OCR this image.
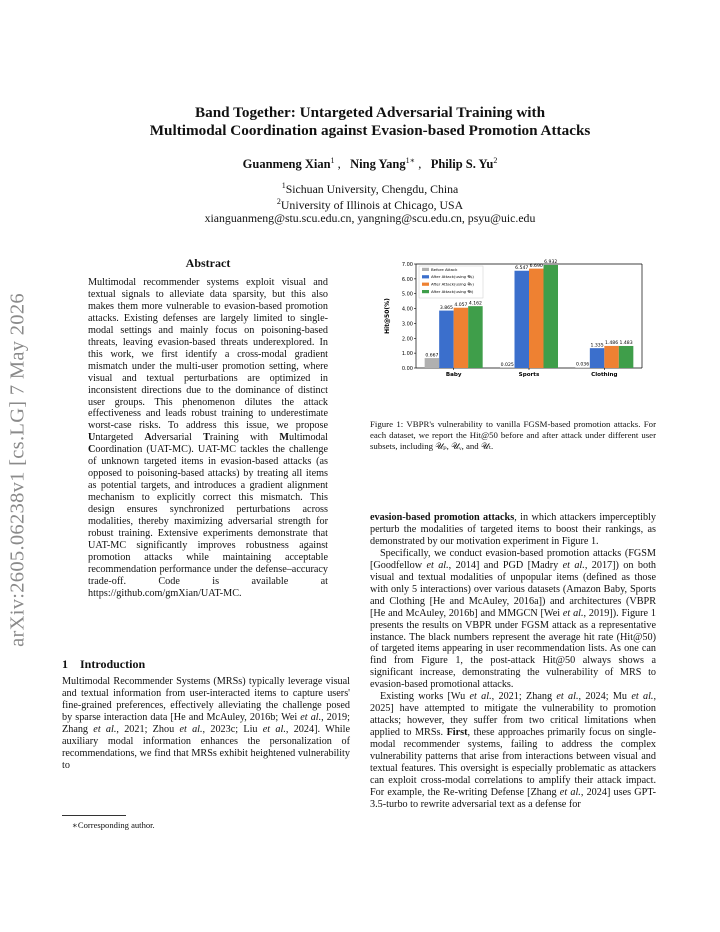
arXiv:2605.06238v1 [cs.LG] 7 May 2026
Band Together: Untargeted Adversarial Training with
Multimodal Coordination against Evasion-based Promotion Attacks
Guanmeng Xian$^1$ ,   Ning Yang$^{1∗}$ ,   Philip S. Yu$^2$
$^1$Sichuan University, Chengdu, China
$^2$University of Illinois at Chicago, USA
xianguanmeng@stu.scu.edu.cn, yangning@scu.edu.cn, psyu@uic.edu
Abstract

Multimodal recommender systems exploit visual and textual signals to alleviate data sparsity, but this also makes them more vulnerable to evasion-based promotion attacks. Existing defenses are largely limited to single-modal settings and mainly focus on poisoning-based threats, leaving evasion-based threats underexplored. In this work, we first identify a cross-modal gradient mismatch under the multi-user promotion setting, where visual and textual perturbations are optimized in inconsistent directions due to the dominance of distinct user groups. This phenomenon dilutes the attack effectiveness and leads robust training to underestimate worst-case risks. To address this issue, we propose Untargeted Adversarial Training with Multimodal Coordination (UAT-MC). UAT-MC tackles the challenge of unknown targeted items in evasion-based attacks (as opposed to poisoning-based attacks) by treating all items as potential targets, and introduces a gradient alignment mechanism to explicitly correct this mismatch. This design ensures synchronized perturbations across modalities, thereby maximizing adversarial strength for robust training. Extensive experiments demonstrate that UAT-MC significantly improves robustness against promotion attacks while maintaining acceptable recommendation performance under the defense–accuracy trade-off. Code is available at https://github.com/gmXian/UAT-MC.

1 Introduction

Multimodal Recommender Systems (MRSs) typically leverage visual and textual information from user-interacted items to capture users' fine-grained preferences, effectively alleviating the challenge posed by sparse interaction data [He and McAuley, 2016b; Wei et al., 2019; Zhang et al., 2021; Zhou et al., 2023c; Liu et al., 2024]. While auxiliary modal information enhances the personalization of recommendations, we find that MRSs exhibit heightened vulnerability to

∗Corresponding author.
0.00
1.00
2.00
3.00
4.00
5.00
6.00
7.00
Hit@50(%)
0.667
3.865
4.057 4.162
Baby
0.025
6.547 6.690
6.932
Sports
0.036
1.335 1.486 1.483
Clothing
Before Attack
After Attack(using 𝒰ₚ)
After Attack(using 𝒰ᵥ)
After Attack(using 𝒰ₜ)
Figure 1: VBPR's vulnerability to vanilla FGSM-based promotion attacks. For each dataset, we report the Hit@50 before and after attack under different user subsets, including 𝒰ₚ, 𝒰ᵥ, and 𝒰ₜ.

evasion-based promotion attacks, in which attackers imperceptibly perturb the modalities of targeted items to boost their rankings, as demonstrated by our motivation experiment in Figure 1.

Specifically, we conduct evasion-based promotion attacks (FGSM [Goodfellow et al., 2014] and PGD [Madry et al., 2017]) on both visual and textual modalities of unpopular items (defined as those with only 5 interactions) over various datasets (Amazon Baby, Sports and Clothing [He and McAuley, 2016a]) and architectures (VBPR [He and McAuley, 2016b] and MMGCN [Wei et al., 2019]). Figure 1 presents the results on VBPR under FGSM attack as a representative instance. The black numbers represent the average hit rate (Hit@50) of targeted items appearing in user recommendation lists. As one can find from Figure 1, the post-attack Hit@50 always shows a significant increase, demonstrating the vulnerability of MRS to evasion-based promotional attacks.

Existing works [Wu et al., 2021; Zhang et al., 2024; Mu et al., 2025] have attempted to mitigate the vulnerability to promotion attacks; however, they suffer from two critical limitations when applied to MRSs. First, these approaches primarily focus on single-modal recommender systems, failing to address the complex vulnerability patterns that arise from interactions between visual and textual features. This oversight is especially problematic as attackers can exploit cross-modal correlations to amplify their attack impact. For example, the Re-writing Defense [Zhang et al., 2024] uses GPT-3.5-turbo to rewrite adversarial text as a defense for
